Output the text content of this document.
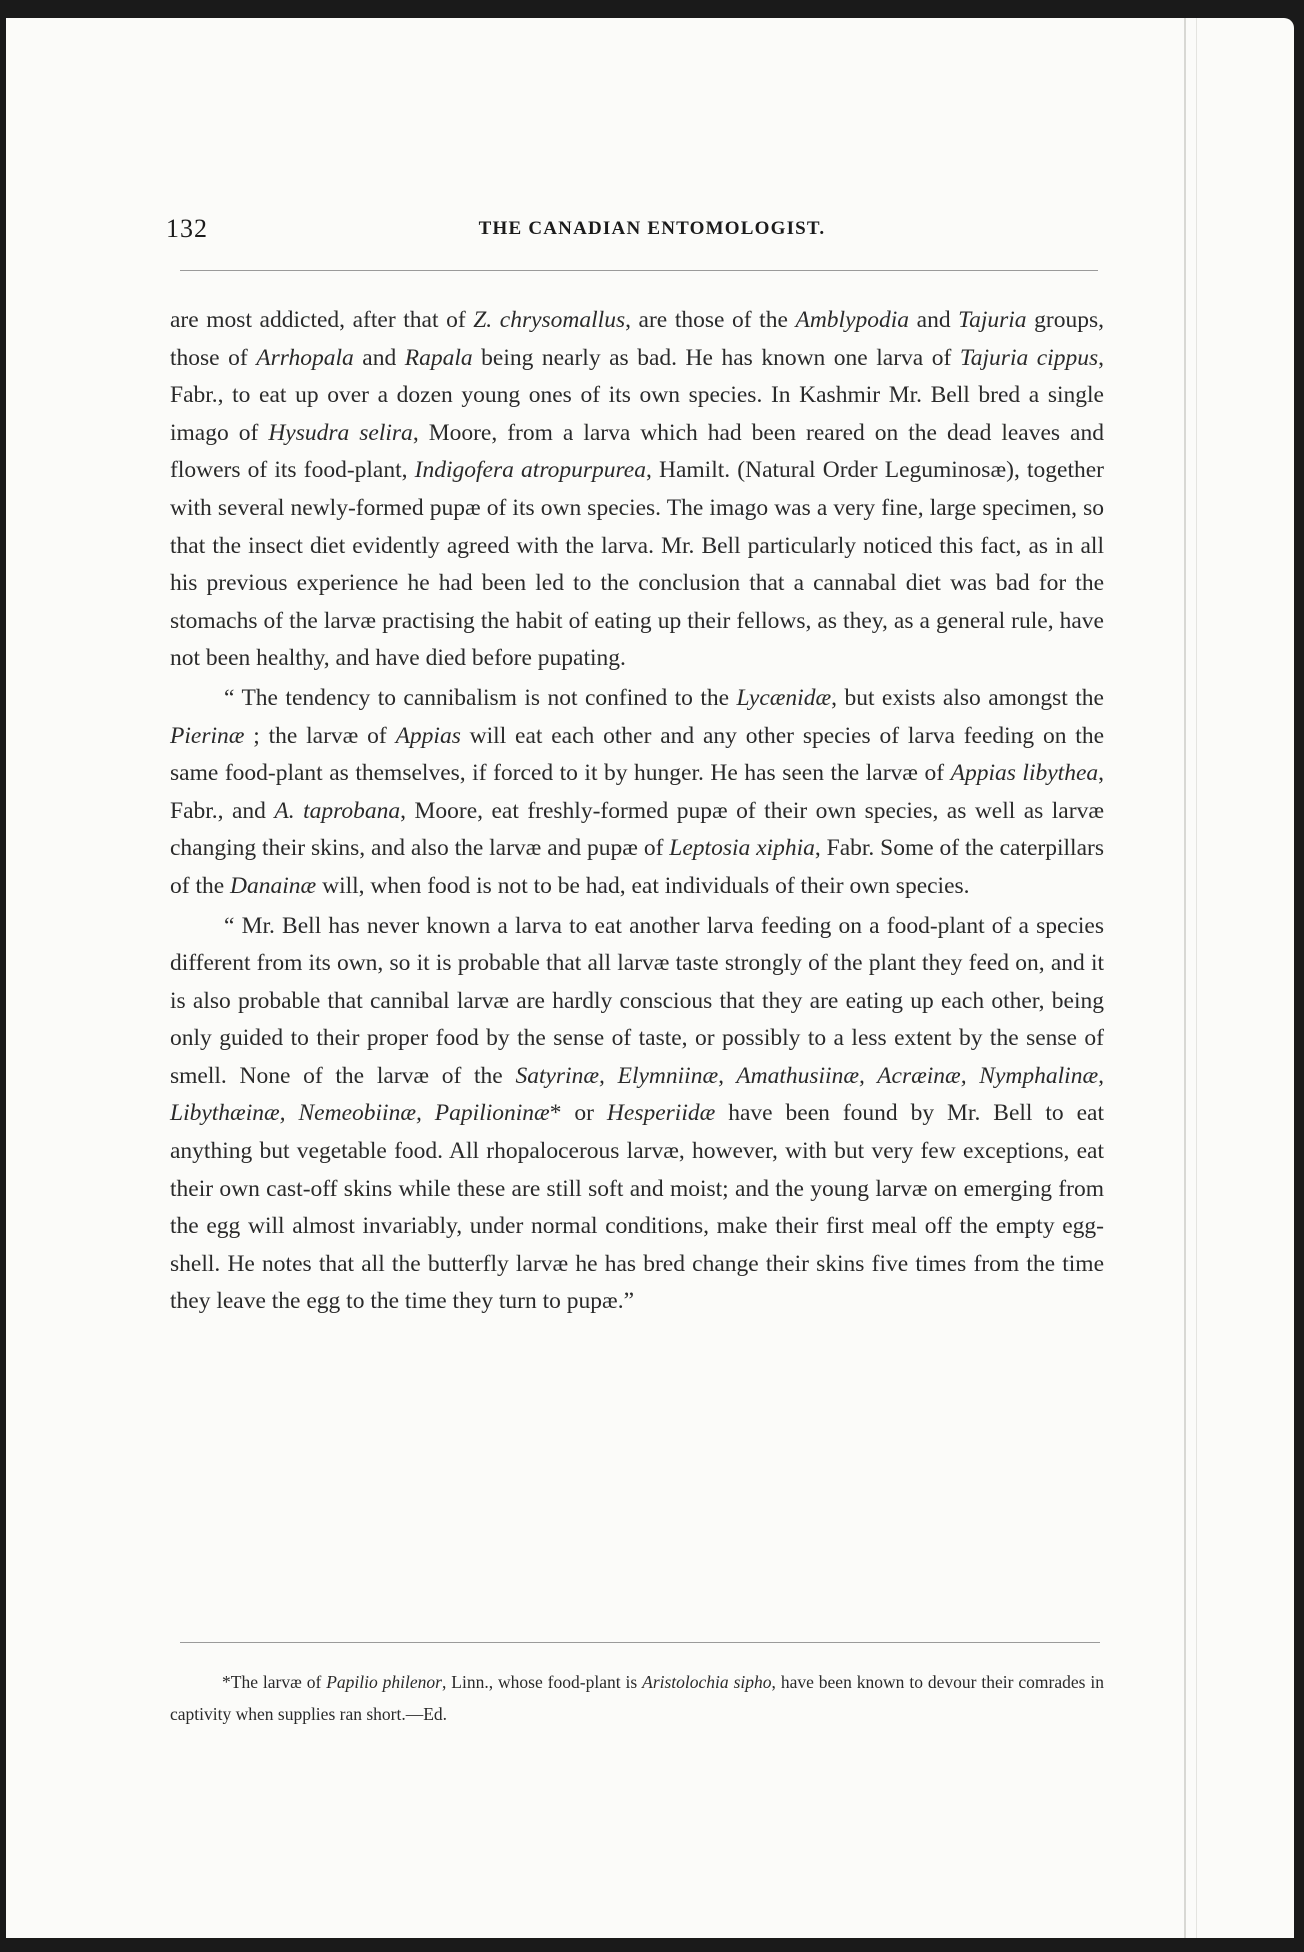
132	THE CANADIAN ENTOMOLOGIST.

are most addicted, after that of Z. chrysomallus, are those of the Amblypodia and Tajuria groups, those of Arrhopala and Rapala being nearly as bad. He has known one larva of Tajuria cippus, Fabr., to eat up over a dozen young ones of its own species. In Kashmir Mr. Bell bred a single imago of Hysudra selira, Moore, from a larva which had been reared on the dead leaves and flowers of its food-plant, Indigofera atropurpurea, Hamilt. (Natural Order Leguminosæ), together with several newly-formed pupæ of its own species. The imago was a very fine, large specimen, so that the insect diet evidently agreed with the larva. Mr. Bell particularly noticed this fact, as in all his previous experience he had been led to the conclusion that a cannabal diet was bad for the stomachs of the larvæ practising the habit of eating up their fellows, as they, as a general rule, have not been healthy, and have died before pupating.

“ The tendency to cannibalism is not confined to the Lycænidæ, but exists also amongst the Pierinæ ; the larvæ of Appias will eat each other and any other species of larva feeding on the same food-plant as themselves, if forced to it by hunger. He has seen the larvæ of Appias libythea, Fabr., and A. taprobana, Moore, eat freshly-formed pupæ of their own species, as well as larvæ changing their skins, and also the larvæ and pupæ of Leptosia xiphia, Fabr. Some of the caterpillars of the Danainæ will, when food is not to be had, eat individuals of their own species.

“ Mr. Bell has never known a larva to eat another larva feeding on a food-plant of a species different from its own, so it is probable that all larvæ taste strongly of the plant they feed on, and it is also probable that cannibal larvæ are hardly conscious that they are eating up each other, being only guided to their proper food by the sense of taste, or possibly to a less extent by the sense of smell. None of the larvæ of the Satyrinæ, Elymniinæ, Amathusiinæ, Acræinæ, Nymphalinæ, Libythæinæ, Nemeobiinæ, Papilioninæ* or Hesperiidæ have been found by Mr. Bell to eat anything but vegetable food. All rhopalocerous larvæ, however, with but very few exceptions, eat their own cast-off skins while these are still soft and moist; and the young larvæ on emerging from the egg will almost invariably, under normal conditions, make their first meal off the empty egg-shell. He notes that all the butterfly larvæ he has bred change their skins five times from the time they leave the egg to the time they turn to pupæ.”

*The larvæ of Papilio philenor, Linn., whose food-plant is Aristolochia sipho, have been known to devour their comrades in captivity when supplies ran short.—Ed.
